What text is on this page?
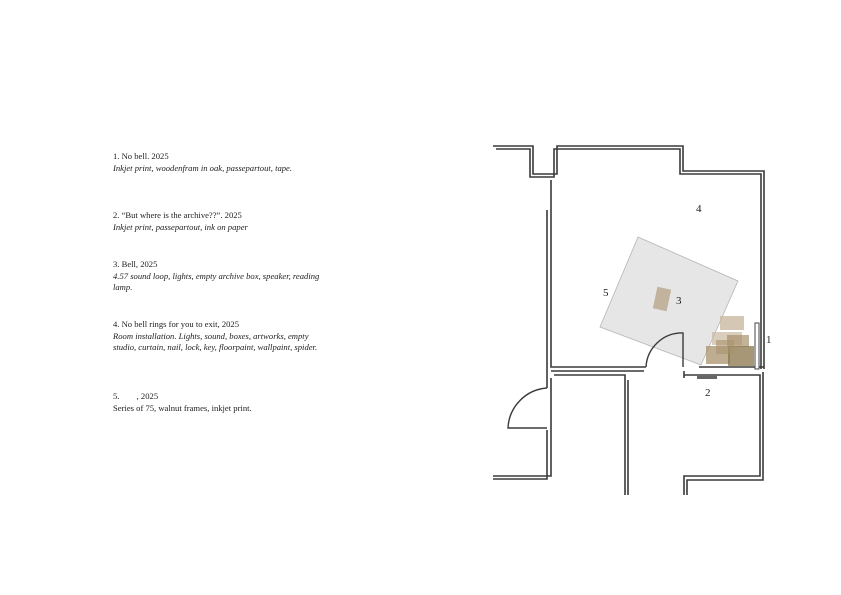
1. No bell. 2025

Inkjet print, woodenfram in oak, passepartout, tape.

2. “But where is the archive??”. 2025

Inkjet print, passepartout, ink on paper

3. Bell, 2025

4.57 sound loop, lights, empty archive box, speaker, reading lamp.

4. No bell rings for you to exit, 2025

Room installation. Lights, sound, boxes, artworks, empty studio, curtain, nail, lock, key, floorpaint, wallpaint, spider.

5.  , 2025

Series of 75, walnut frames, inkjet print.

1
2
3
4
5
